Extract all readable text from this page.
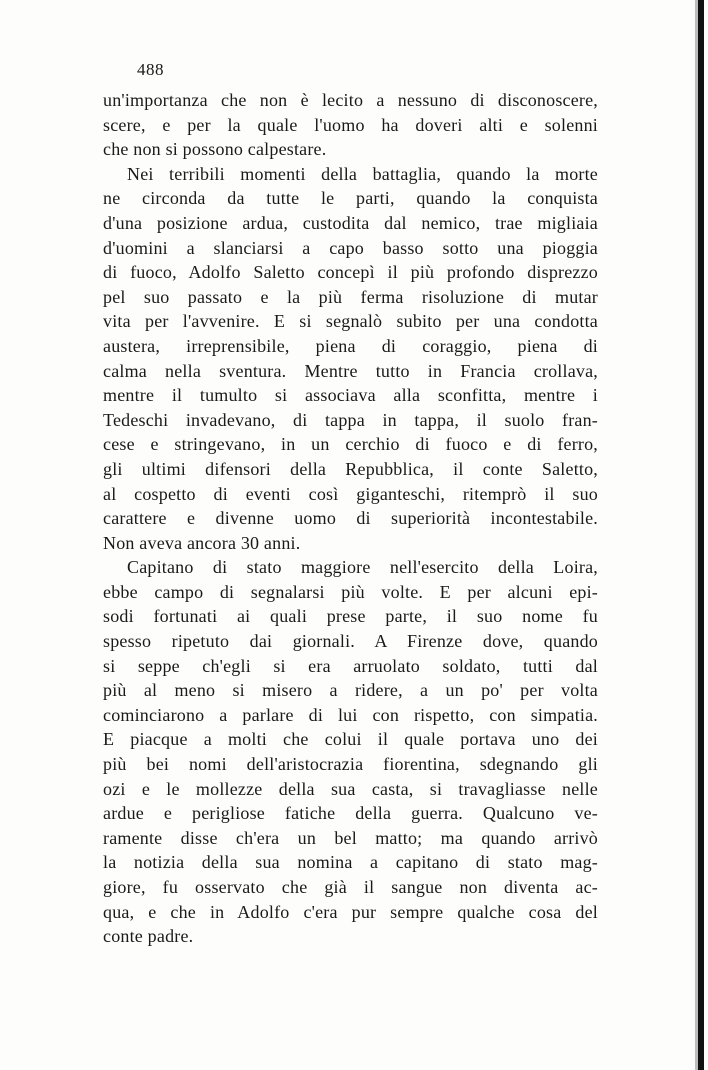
488
un'importanza che non è lecito a nessuno di disconoscere,
scere, e per la quale l'uomo ha doveri alti e solenni
che non si possono calpestare.
Nei terribili momenti della battaglia, quando la morte
ne circonda da tutte le parti, quando la conquista
d'una posizione ardua, custodita dal nemico, trae migliaia
d'uomini a slanciarsi a capo basso sotto una pioggia
di fuoco, Adolfo Saletto concepì il più profondo disprezzo
pel suo passato e la più ferma risoluzione di mutar
vita per l'avvenire. E si segnalò subito per una condotta
austera, irreprensibile, piena di coraggio, piena di
calma nella sventura. Mentre tutto in Francia crollava,
mentre il tumulto si associava alla sconfitta, mentre i
Tedeschi invadevano, di tappa in tappa, il suolo fran-
cese e stringevano, in un cerchio di fuoco e di ferro,
gli ultimi difensori della Repubblica, il conte Saletto,
al cospetto di eventi così giganteschi, ritemprò il suo
carattere e divenne uomo di superiorità incontestabile.
Non aveva ancora 30 anni.
Capitano di stato maggiore nell'esercito della Loira,
ebbe campo di segnalarsi più volte. E per alcuni epi-
sodi fortunati ai quali prese parte, il suo nome fu
spesso ripetuto dai giornali. A Firenze dove, quando
si seppe ch'egli si era arruolato soldato, tutti dal
più al meno si misero a ridere, a un po' per volta
cominciarono a parlare di lui con rispetto, con simpatia.
E piacque a molti che colui il quale portava uno dei
più bei nomi dell'aristocrazia fiorentina, sdegnando gli
ozi e le mollezze della sua casta, si travagliasse nelle
ardue e perigliose fatiche della guerra. Qualcuno ve-
ramente disse ch'era un bel matto; ma quando arrivò
la notizia della sua nomina a capitano di stato mag-
giore, fu osservato che già il sangue non diventa ac-
qua, e che in Adolfo c'era pur sempre qualche cosa del
conte padre.
